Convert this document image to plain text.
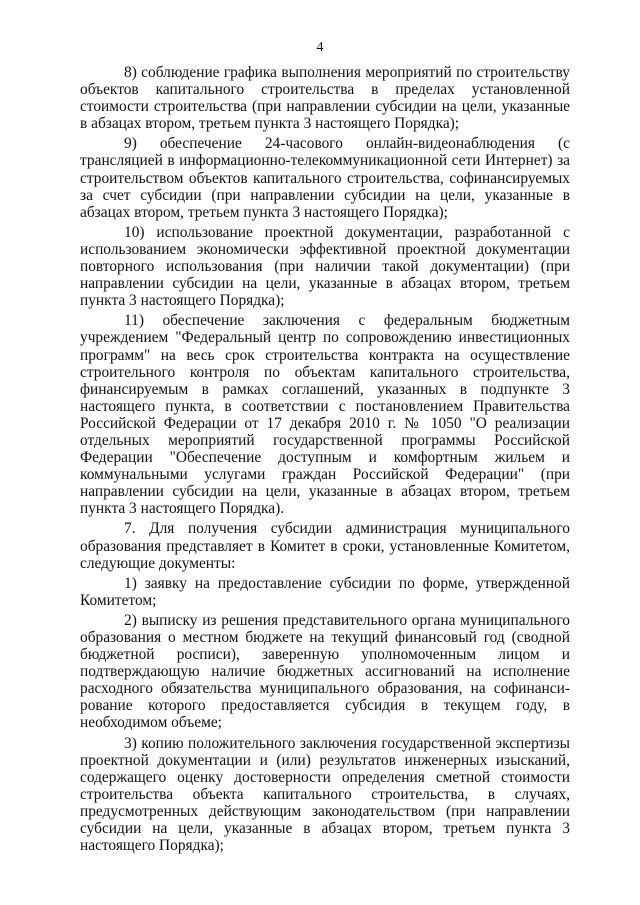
4

8) соблюдение графика выполнения мероприятий по строительству объектов капитального строительства в пределах установленной стоимости строительства (при направлении субсидии на цели, указанные в абзацах втором, третьем пункта 3 настоящего Порядка);

9) обеспечение 24-часового онлайн-видеонаблюдения (с трансляцией в информационно-телекоммуникационной сети Интернет) за строительством объектов капитального строительства, софинансируемых за счет субсидии (при направлении субсидии на цели, указанные в абзацах втором, третьем пункта 3 настоящего Порядка);

10) использование проектной документации, разработанной с использованием экономически эффективной проектной документации повторного использования (при наличии такой документации) (при направлении субсидии на цели, указанные в абзацах втором, третьем пункта 3 настоящего Порядка);

11) обеспечение заключения с федеральным бюджетным учреждением "Федеральный центр по сопровождению инвестиционных программ" на весь срок строительства контракта на осуществление строительного контроля по объектам капитального строительства, финансируемым в рамках соглашений, указанных в подпункте 3 настоящего пункта, в соответствии с постановлением Правительства Российской Федерации от 17 декабря 2010 г. № 1050 "О реализации отдельных мероприятий государственной программы Российской Федерации "Обеспечение доступным и комфортным жильем и коммунальными услугами граждан Российской Федерации" (при направлении субсидии на цели, указанные в абзацах втором, третьем пункта 3 настоящего Порядка).

7. Для получения субсидии администрация муниципального образования представляет в Комитет в сроки, установленные Комитетом, следующие документы:

1) заявку на предоставление субсидии по форме, утвержденной Комитетом;

2) выписку из решения представительного органа муниципального образования о местном бюджете на текущий финансовый год (сводной бюджетной росписи), заверенную уполномоченным лицом и подтверждающую наличие бюджетных ассигнований на исполнение расходного обязательства муниципального образования, на софинансирование которого предоставляется субсидия в текущем году, в необходимом объеме;

3) копию положительного заключения государственной экспертизы проектной документации и (или) результатов инженерных изысканий, содержащего оценку достоверности определения сметной стоимости строительства объекта капитального строительства, в случаях, предусмотренных действующим законодательством (при направлении субсидии на цели, указанные в абзацах втором, третьем пункта 3 настоящего Порядка);
